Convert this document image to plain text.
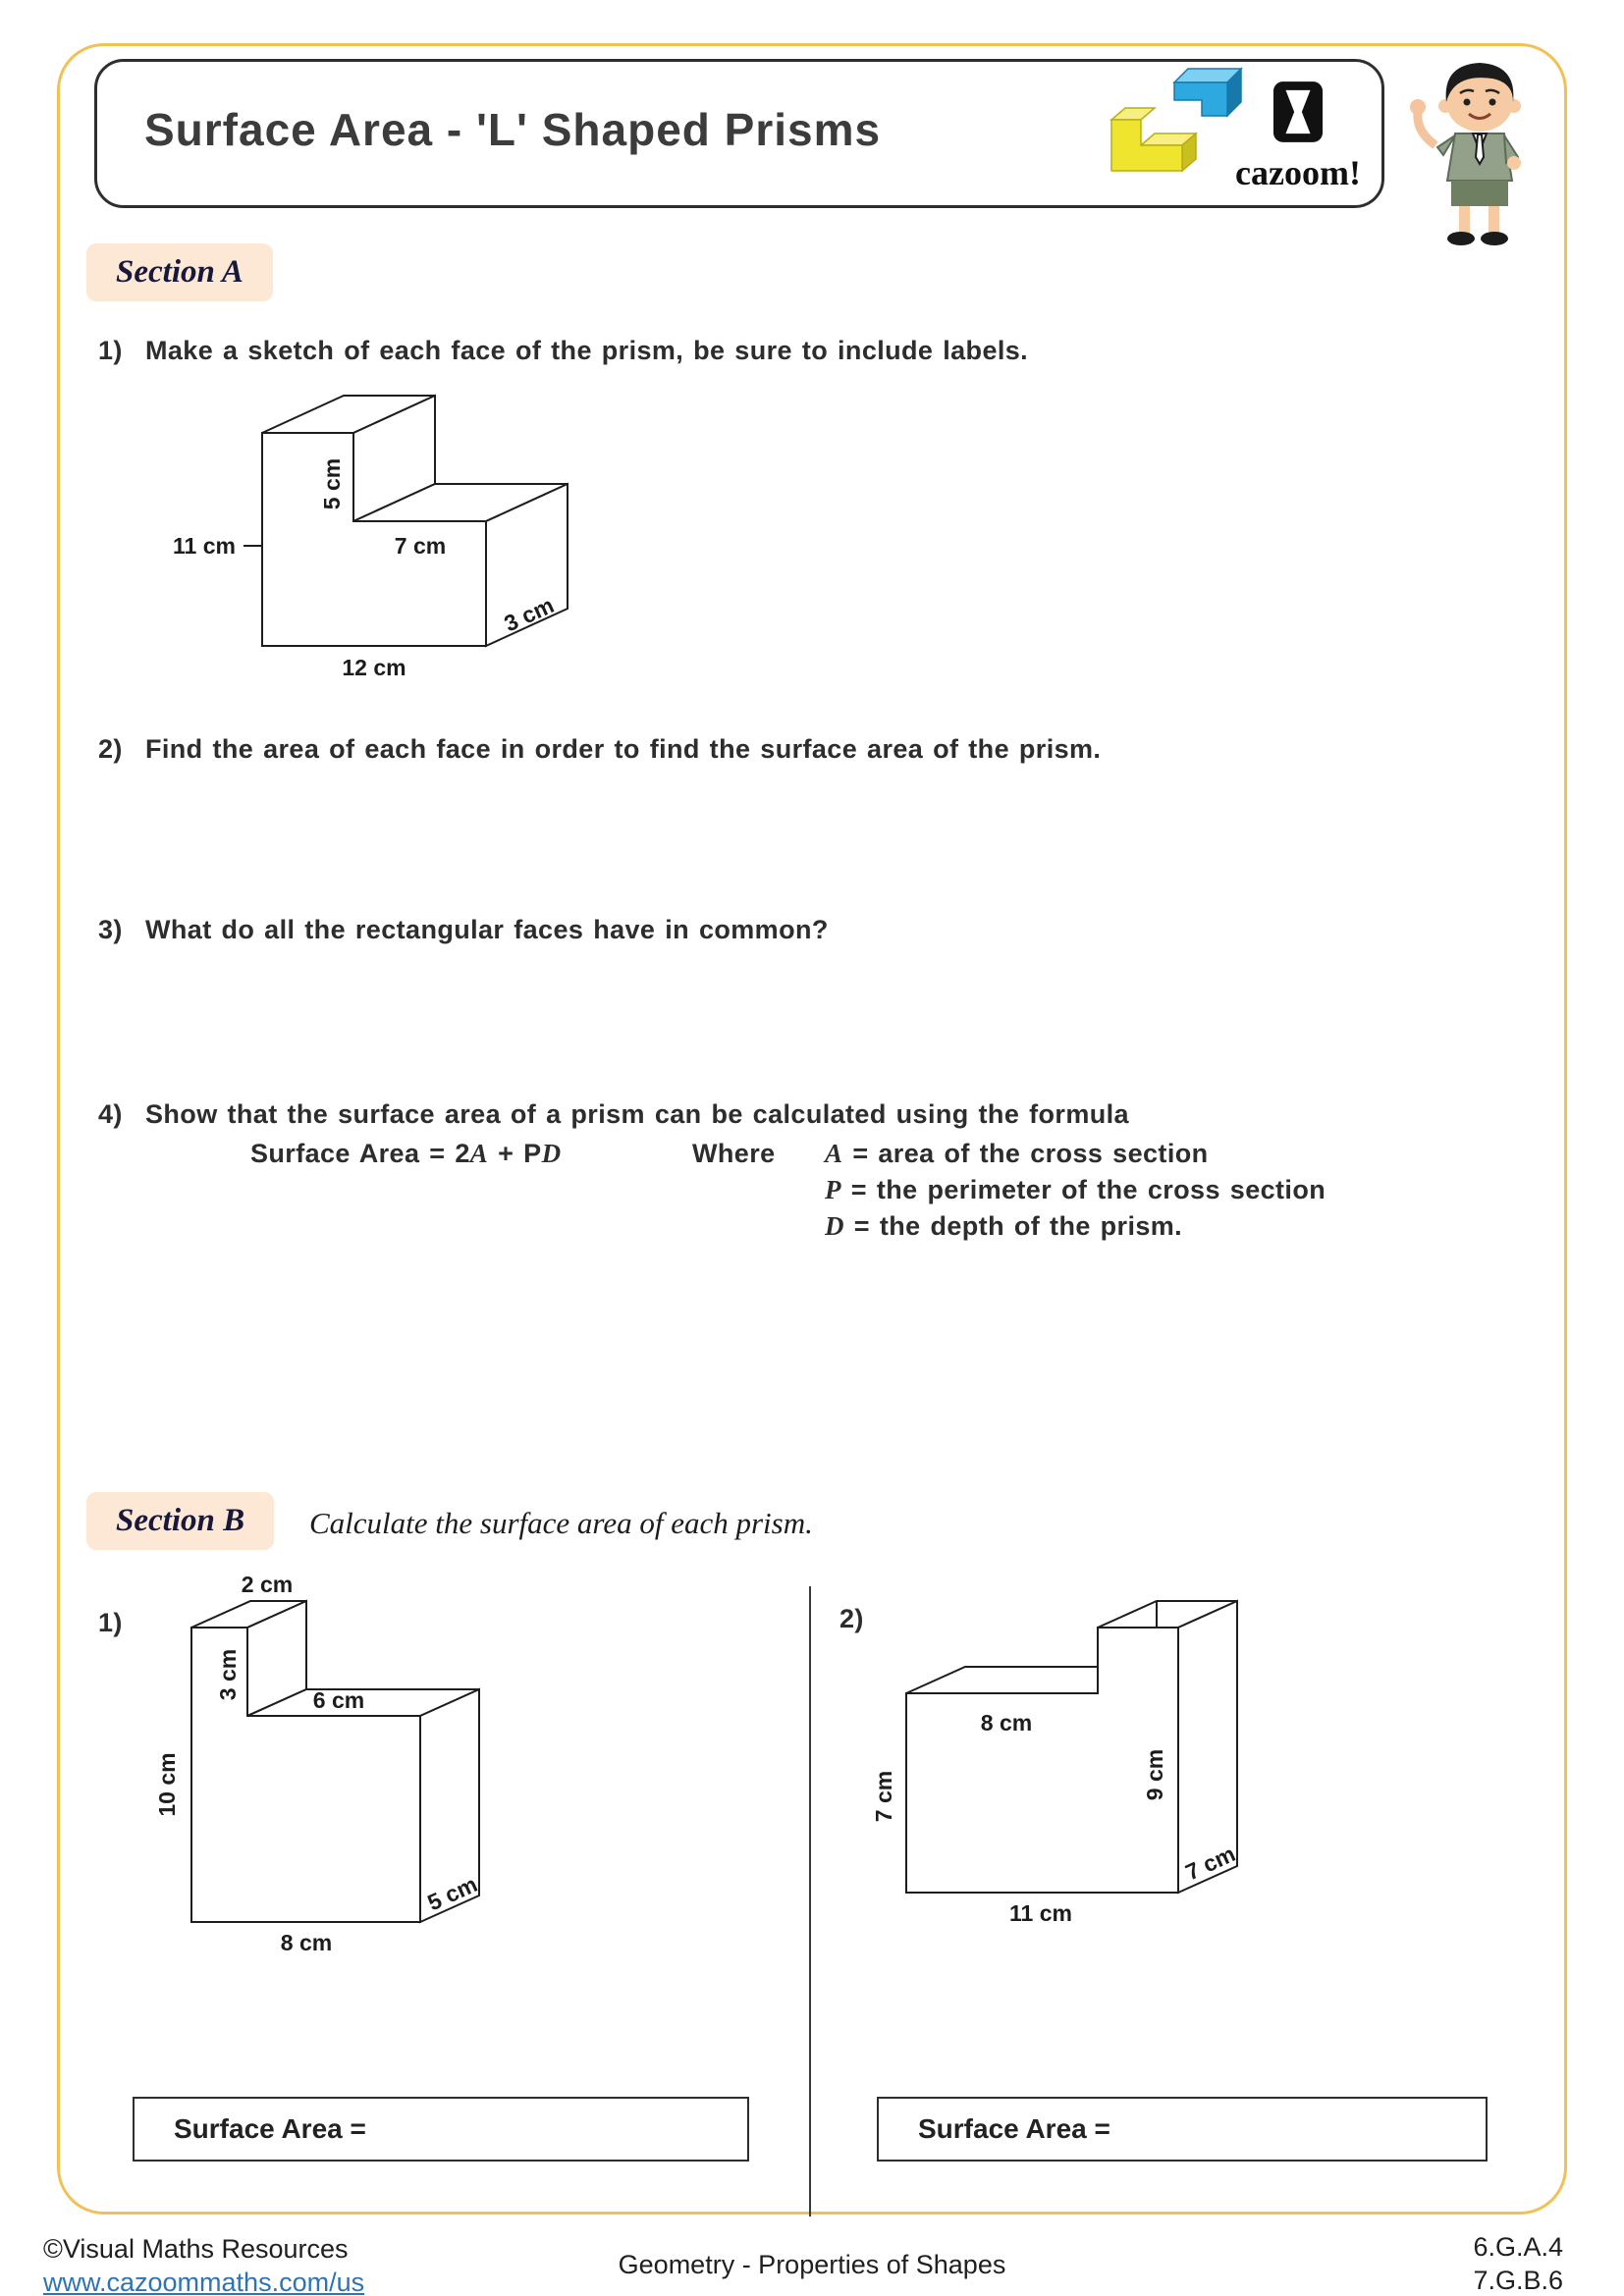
Surface Area - 'L' Shaped Prisms
cazoom!
Section A
1) Make a sketch of each face of the prism, be sure to include labels.
5 cm
11 cm	7 cm
12 cm
3 cm
2) Find the area of each face in order to find the surface area of the prism.
3) What do all the rectangular faces have in common?
4) Show that the surface area of a prism can be calculated using the formula
Surface Area = 2A + PD	Where A = area of the cross section
P = the perimeter of the cross section
D = the depth of the prism.
Section B	Calculate the surface area of each prism.
1)	2)
2 cm
3 cm	6 cm
10 cm
8 cm
5 cm
8 cm
7 cm	9 cm
11 cm
7 cm
Surface Area =	Surface Area =
©Visual Maths Resources
www.cazoommaths.com/us
Geometry - Properties of Shapes
6.G.A.4
7.G.B.6
